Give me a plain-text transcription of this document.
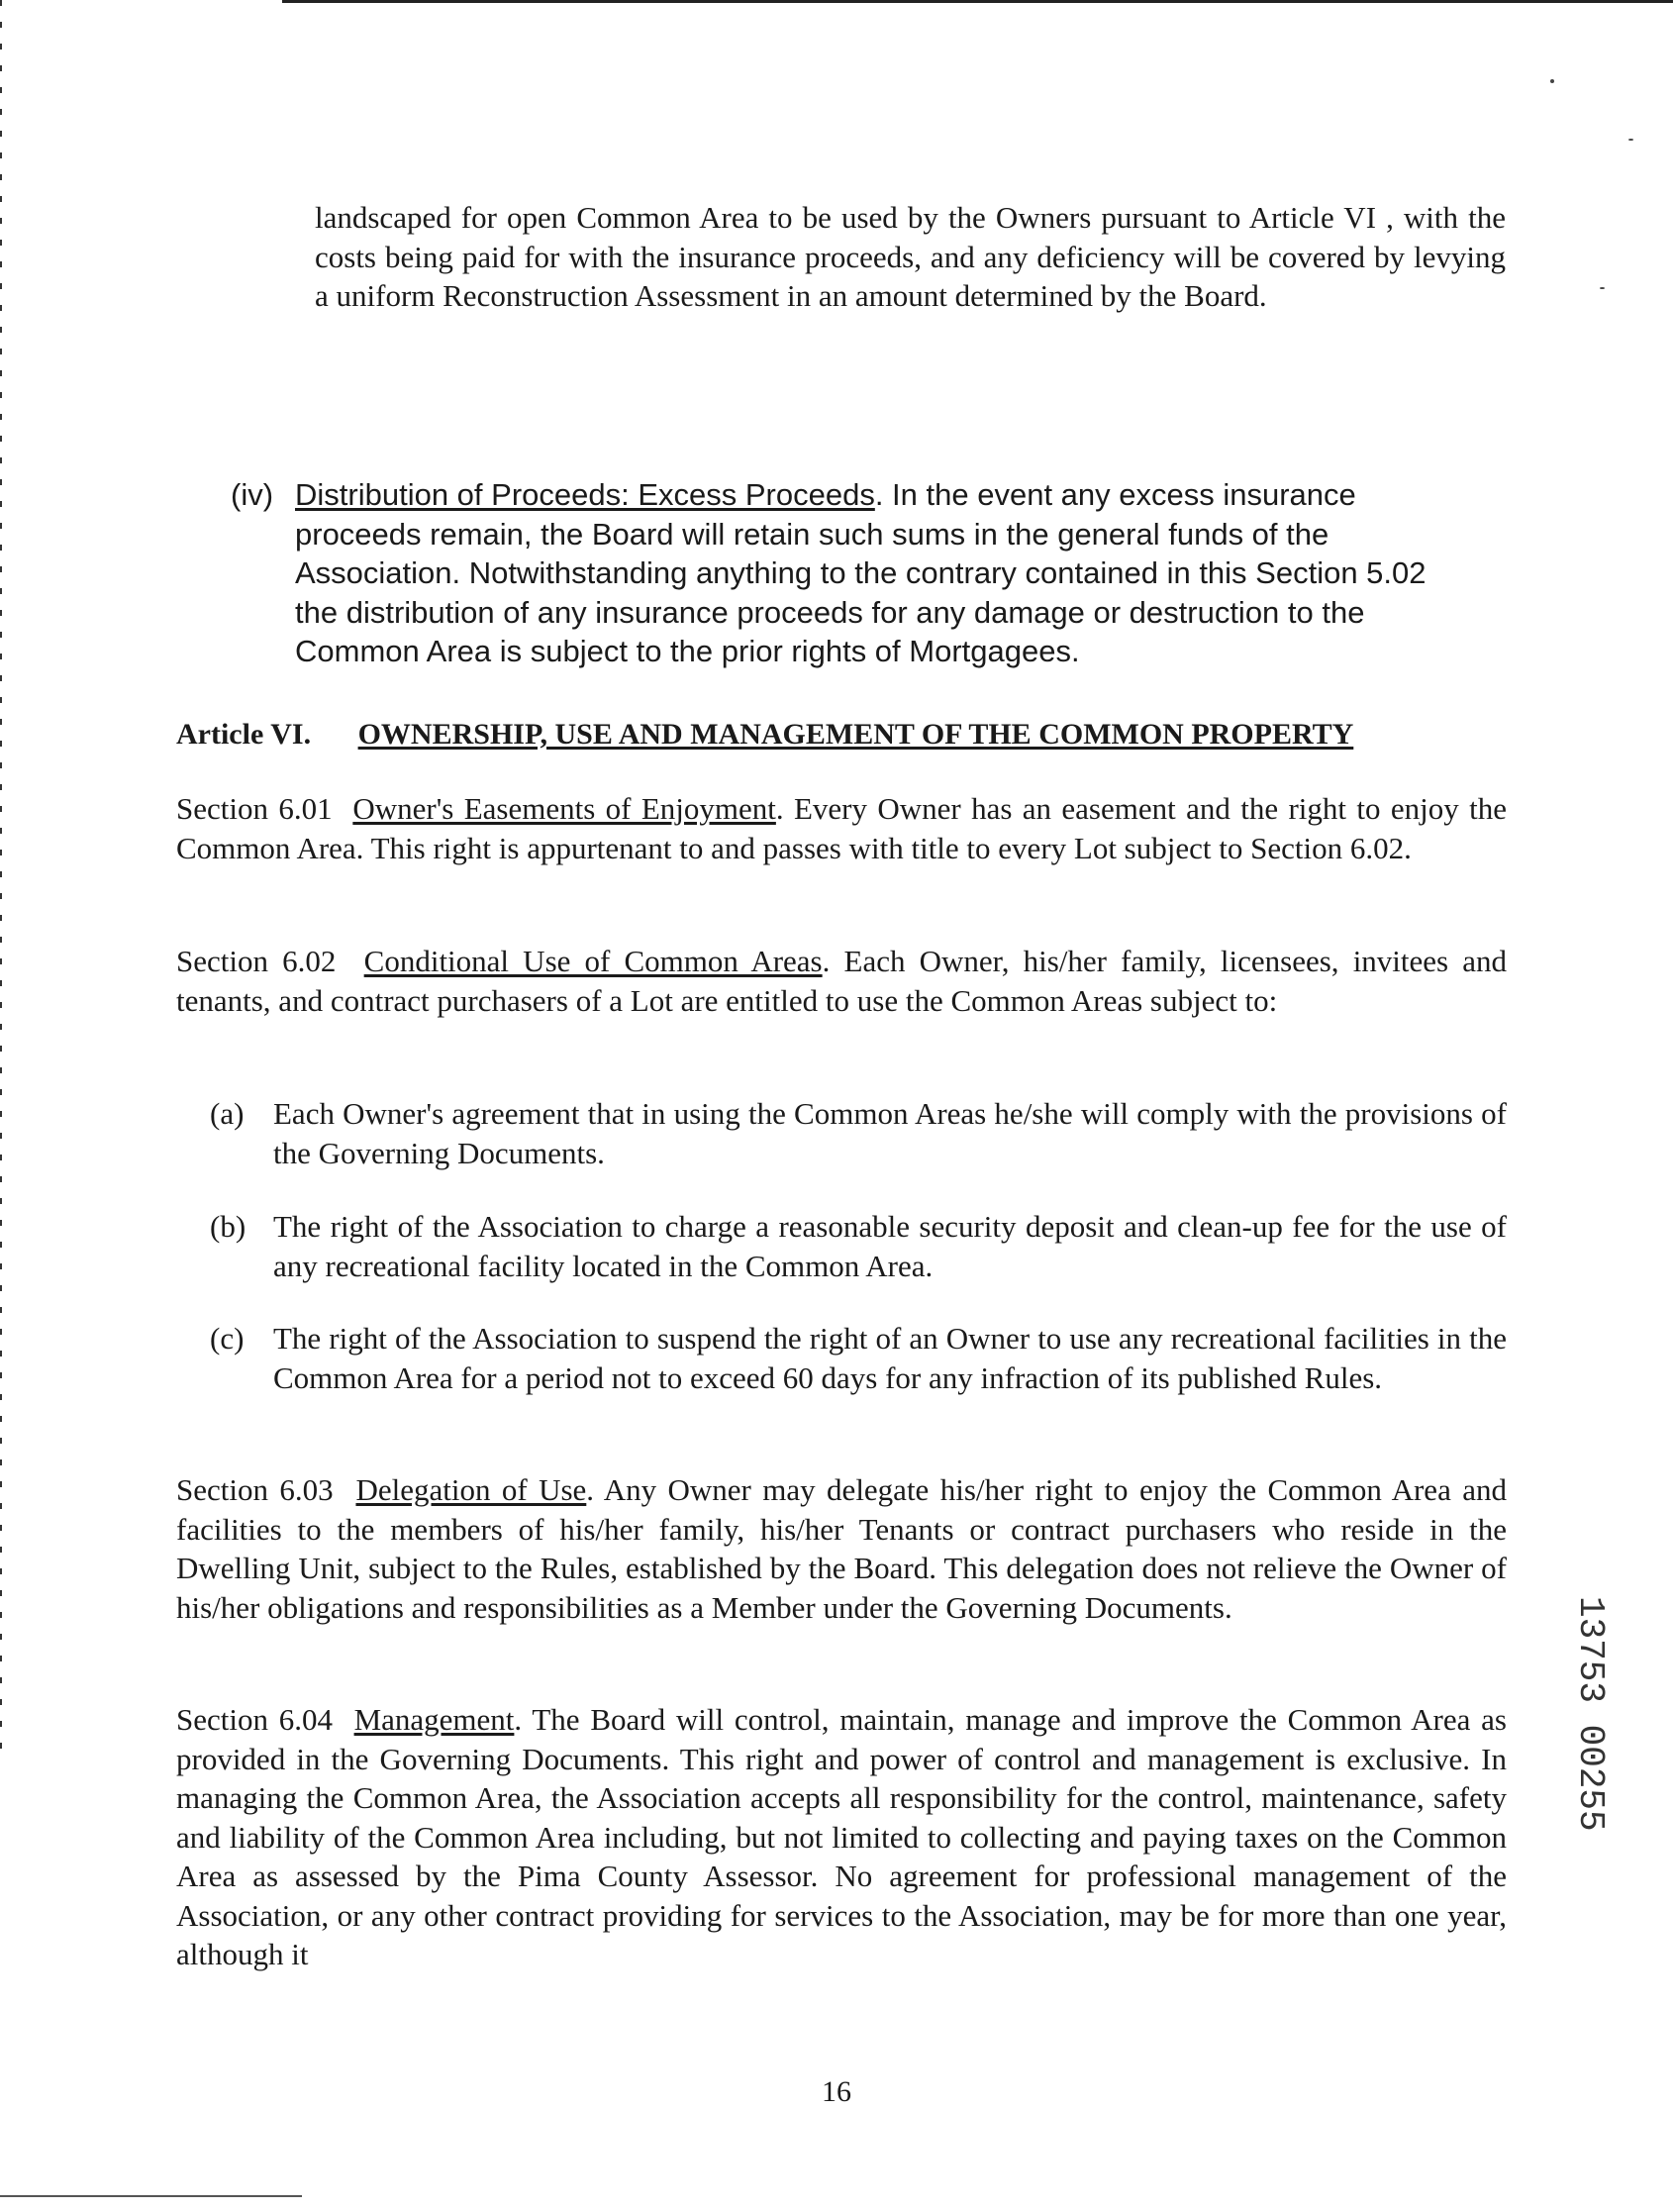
landscaped for open Common Area to be used by the Owners pursuant to Article VI , with the costs being paid for with the insurance proceeds, and any deficiency will be covered by levying a uniform Reconstruction Assessment in an amount determined by the Board.

(iv) Distribution of Proceeds: Excess Proceeds. In the event any excess insurance proceeds remain, the Board will retain such sums in the general funds of the Association. Notwithstanding anything to the contrary contained in this Section 5.02 the distribution of any insurance proceeds for any damage or destruction to the Common Area is subject to the prior rights of Mortgagees.
Article VI. OWNERSHIP, USE AND MANAGEMENT OF THE COMMON PROPERTY

Section 6.01 Owner's Easements of Enjoyment. Every Owner has an easement and the right to enjoy the Common Area. This right is appurtenant to and passes with title to every Lot subject to Section 6.02.

Section 6.02 Conditional Use of Common Areas. Each Owner, his/her family, licensees, invitees and tenants, and contract purchasers of a Lot are entitled to use the Common Areas subject to:

(a) Each Owner's agreement that in using the Common Areas he/she will comply with the provisions of the Governing Documents.
(b) The right of the Association to charge a reasonable security deposit and clean-up fee for the use of any recreational facility located in the Common Area.
(c) The right of the Association to suspend the right of an Owner to use any recreational facilities in the Common Area for a period not to exceed 60 days for any infraction of its published Rules.

Section 6.03 Delegation of Use. Any Owner may delegate his/her right to enjoy the Common Area and facilities to the members of his/her family, his/her Tenants or contract purchasers who reside in the Dwelling Unit, subject to the Rules, established by the Board. This delegation does not relieve the Owner of his/her obligations and responsibilities as a Member under the Governing Documents.

Section 6.04 Management. The Board will control, maintain, manage and improve the Common Area as provided in the Governing Documents. This right and power of control and management is exclusive. In managing the Common Area, the Association accepts all responsibility for the control, maintenance, safety and liability of the Common Area including, but not limited to collecting and paying taxes on the Common Area as assessed by the Pima County Assessor. No agreement for professional management of the Association, or any other contract providing for services to the Association, may be for more than one year, although it

13753 00255
16
